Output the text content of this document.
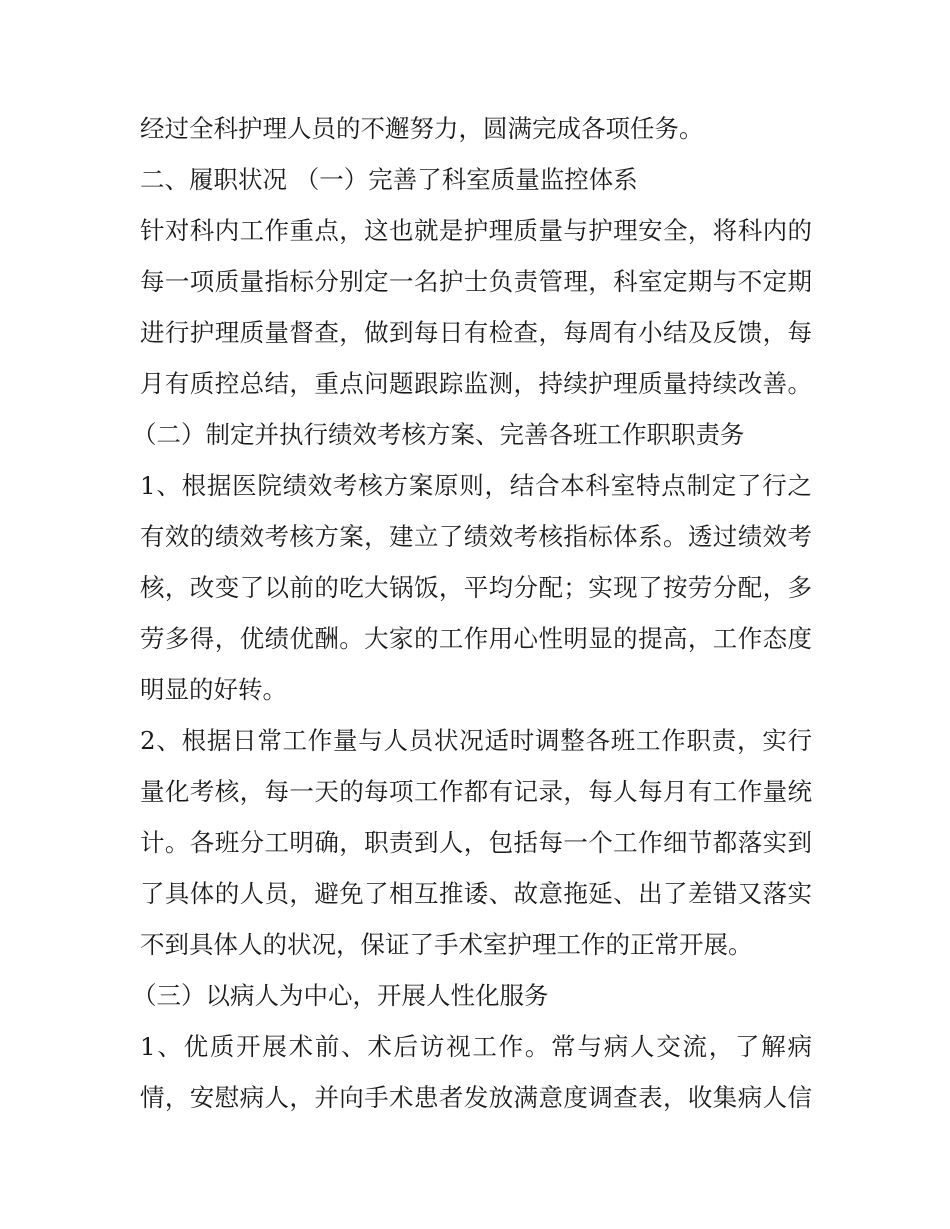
经过全科护理人员的不邂努力，圆满完成各项任务。
二、履职状况 （一）完善了科室质量监控体系
针对科内工作重点，这也就是护理质量与护理安全，将科内的
每一项质量指标分别定一名护士负责管理，科室定期与不定期
进行护理质量督查，做到每日有检查，每周有小结及反馈，每
月有质控总结，重点问题跟踪监测，持续护理质量持续改善。
（二）制定并执行绩效考核方案、完善各班工作职职责务
1、根据医院绩效考核方案原则，结合本科室特点制定了行之
有效的绩效考核方案，建立了绩效考核指标体系。透过绩效考
核，改变了以前的吃大锅饭，平均分配；实现了按劳分配，多
劳多得，优绩优酬。大家的工作用心性明显的提高，工作态度
明显的好转。
2、根据日常工作量与人员状况适时调整各班工作职责，实行
量化考核，每一天的每项工作都有记录，每人每月有工作量统
计。各班分工明确，职责到人，包括每一个工作细节都落实到
了具体的人员，避免了相互推诿、故意拖延、出了差错又落实
不到具体人的状况，保证了手术室护理工作的正常开展。
（三）以病人为中心，开展人性化服务
1、优质开展术前、术后访视工作。常与病人交流，了解病
情，安慰病人，并向手术患者发放满意度调查表，收集病人信
